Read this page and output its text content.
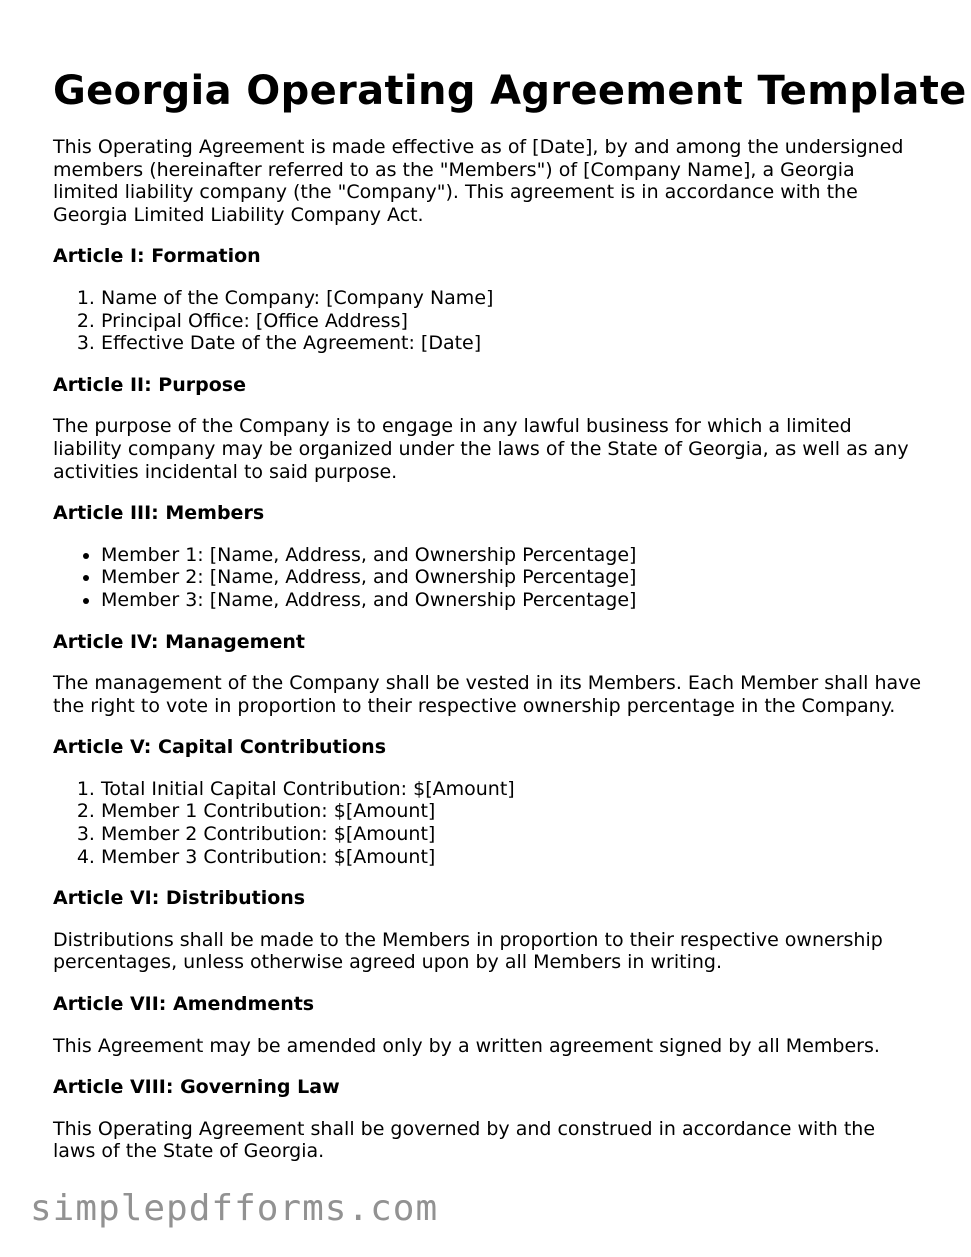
Georgia Operating Agreement Template

This Operating Agreement is made effective as of [Date], by and among the undersigned members (hereinafter referred to as the "Members") of [Company Name], a Georgia limited liability company (the "Company"). This agreement is in accordance with the Georgia Limited Liability Company Act.

Article I: Formation
1. Name of the Company: [Company Name]
2. Principal Office: [Office Address]
3. Effective Date of the Agreement: [Date]
Article II: Purpose

The purpose of the Company is to engage in any lawful business for which a limited liability company may be organized under the laws of the State of Georgia, as well as any activities incidental to said purpose.

Article III: Members
• Member 1: [Name, Address, and Ownership Percentage]
• Member 2: [Name, Address, and Ownership Percentage]
• Member 3: [Name, Address, and Ownership Percentage]
Article IV: Management

The management of the Company shall be vested in its Members. Each Member shall have the right to vote in proportion to their respective ownership percentage in the Company.

Article V: Capital Contributions
1. Total Initial Capital Contribution: $[Amount]
2. Member 1 Contribution: $[Amount]
3. Member 2 Contribution: $[Amount]
4. Member 3 Contribution: $[Amount]
Article VI: Distributions

Distributions shall be made to the Members in proportion to their respective ownership percentages, unless otherwise agreed upon by all Members in writing.

Article VII: Amendments

This Agreement may be amended only by a written agreement signed by all Members.

Article VIII: Governing Law

This Operating Agreement shall be governed by and construed in accordance with the laws of the State of Georgia.

simplepdfforms.com
